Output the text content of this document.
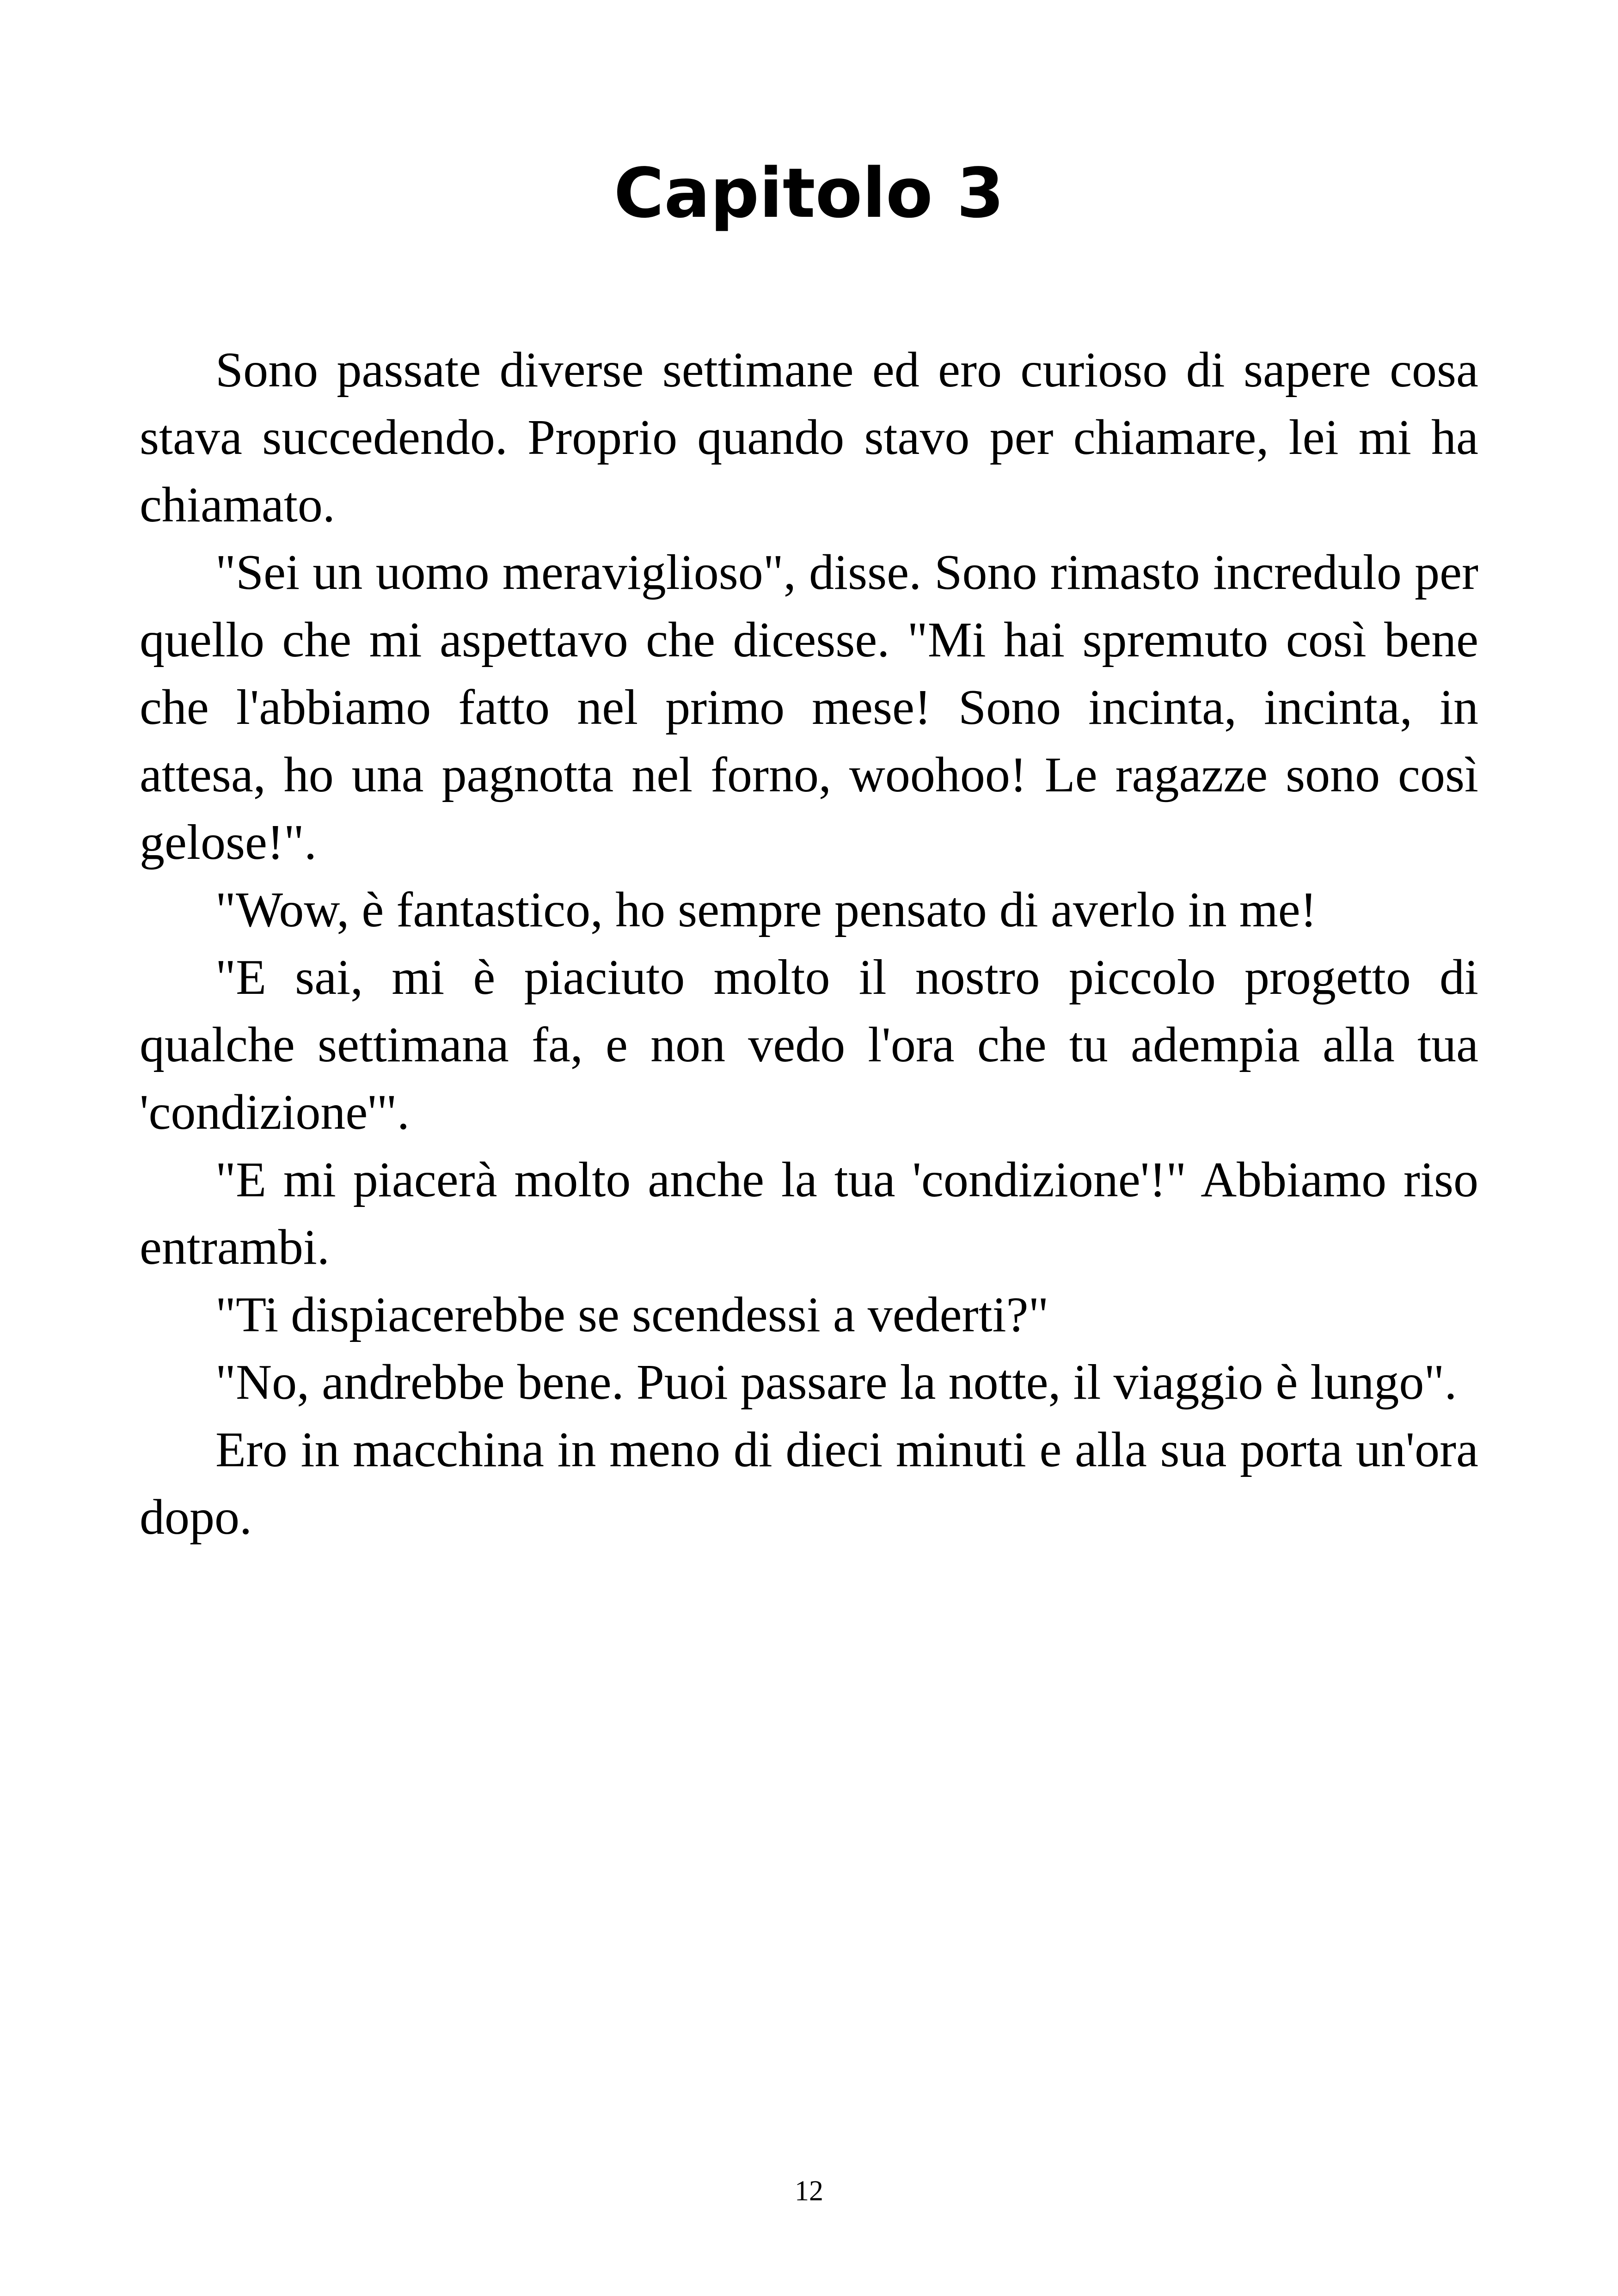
Capitolo 3

Sono passate diverse settimane ed ero curioso di sapere cosa stava succedendo. Proprio quando stavo per chiamare, lei mi ha chiamato.

"Sei un uomo meraviglioso", disse. Sono rimasto incredulo per quello che mi aspettavo che dicesse. "Mi hai spremuto così bene che l'abbiamo fatto nel primo mese! Sono incinta, incinta, in attesa, ho una pagnotta nel forno, woohoo! Le ragazze sono così gelose!".

"Wow, è fantastico, ho sempre pensato di averlo in me!

"E sai, mi è piaciuto molto il nostro piccolo progetto di qualche settimana fa, e non vedo l'ora che tu adempia alla tua 'condizione'".

"E mi piacerà molto anche la tua 'condizione'!" Abbiamo riso entrambi.

"Ti dispiacerebbe se scendessi a vederti?"

"No, andrebbe bene. Puoi passare la notte, il viaggio è lungo".

Ero in macchina in meno di dieci minuti e alla sua porta un'ora dopo.

12
